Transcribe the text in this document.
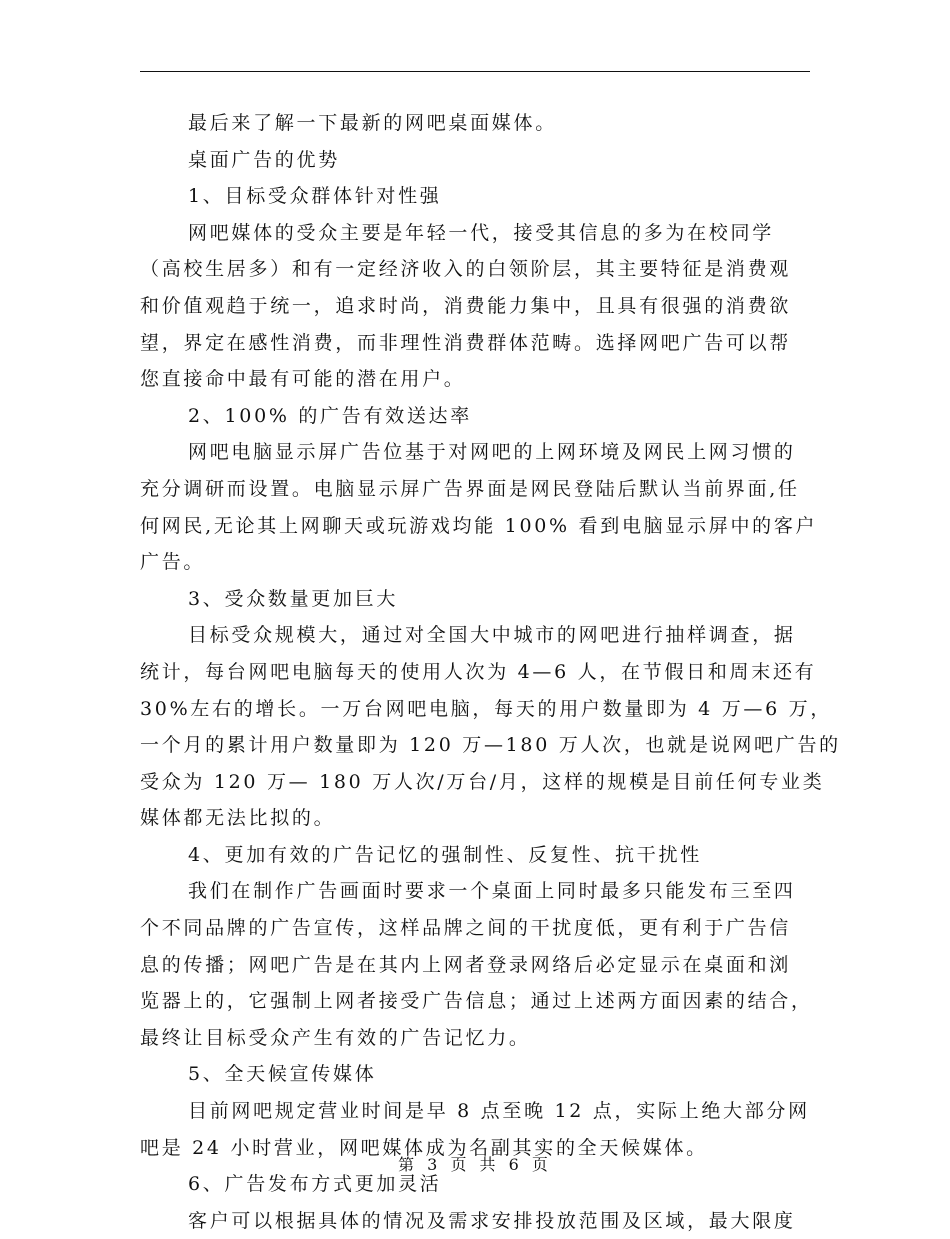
最后来了解一下最新的网吧桌面媒体。
桌面广告的优势
1、目标受众群体针对性强
网吧媒体的受众主要是年轻一代，接受其信息的多为在校同学
（高校生居多）和有一定经济收入的白领阶层，其主要特征是消费观
和价值观趋于统一，追求时尚，消费能力集中，且具有很强的消费欲
望，界定在感性消费，而非理性消费群体范畴。选择网吧广告可以帮
您直接命中最有可能的潜在用户。
2、100% 的广告有效送达率
网吧电脑显示屏广告位基于对网吧的上网环境及网民上网习惯的
充分调研而设置。电脑显示屏广告界面是网民登陆后默认当前界面,任
何网民,无论其上网聊天或玩游戏均能 100% 看到电脑显示屏中的客户
广告。
3、受众数量更加巨大
目标受众规模大，通过对全国大中城市的网吧进行抽样调查，据
统计，每台网吧电脑每天的使用人次为 4—6 人，在节假日和周末还有
30%左右的增长。一万台网吧电脑，每天的用户数量即为 4 万—6 万，
一个月的累计用户数量即为 120 万—180 万人次，也就是说网吧广告的
受众为 120 万— 180 万人次/万台/月，这样的规模是目前任何专业类
媒体都无法比拟的。
4、更加有效的广告记忆的强制性、反复性、抗干扰性
我们在制作广告画面时要求一个桌面上同时最多只能发布三至四
个不同品牌的广告宣传，这样品牌之间的干扰度低，更有利于广告信
息的传播；网吧广告是在其内上网者登录网络后必定显示在桌面和浏
览器上的，它强制上网者接受广告信息；通过上述两方面因素的结合，
最终让目标受众产生有效的广告记忆力。
5、全天候宣传媒体
目前网吧规定营业时间是早 8 点至晚 12 点，实际上绝大部分网
吧是 24 小时营业，网吧媒体成为名副其实的全天候媒体。
6、广告发布方式更加灵活
客户可以根据具体的情况及需求安排投放范围及区域，最大限度
第 3 页 共 6 页
